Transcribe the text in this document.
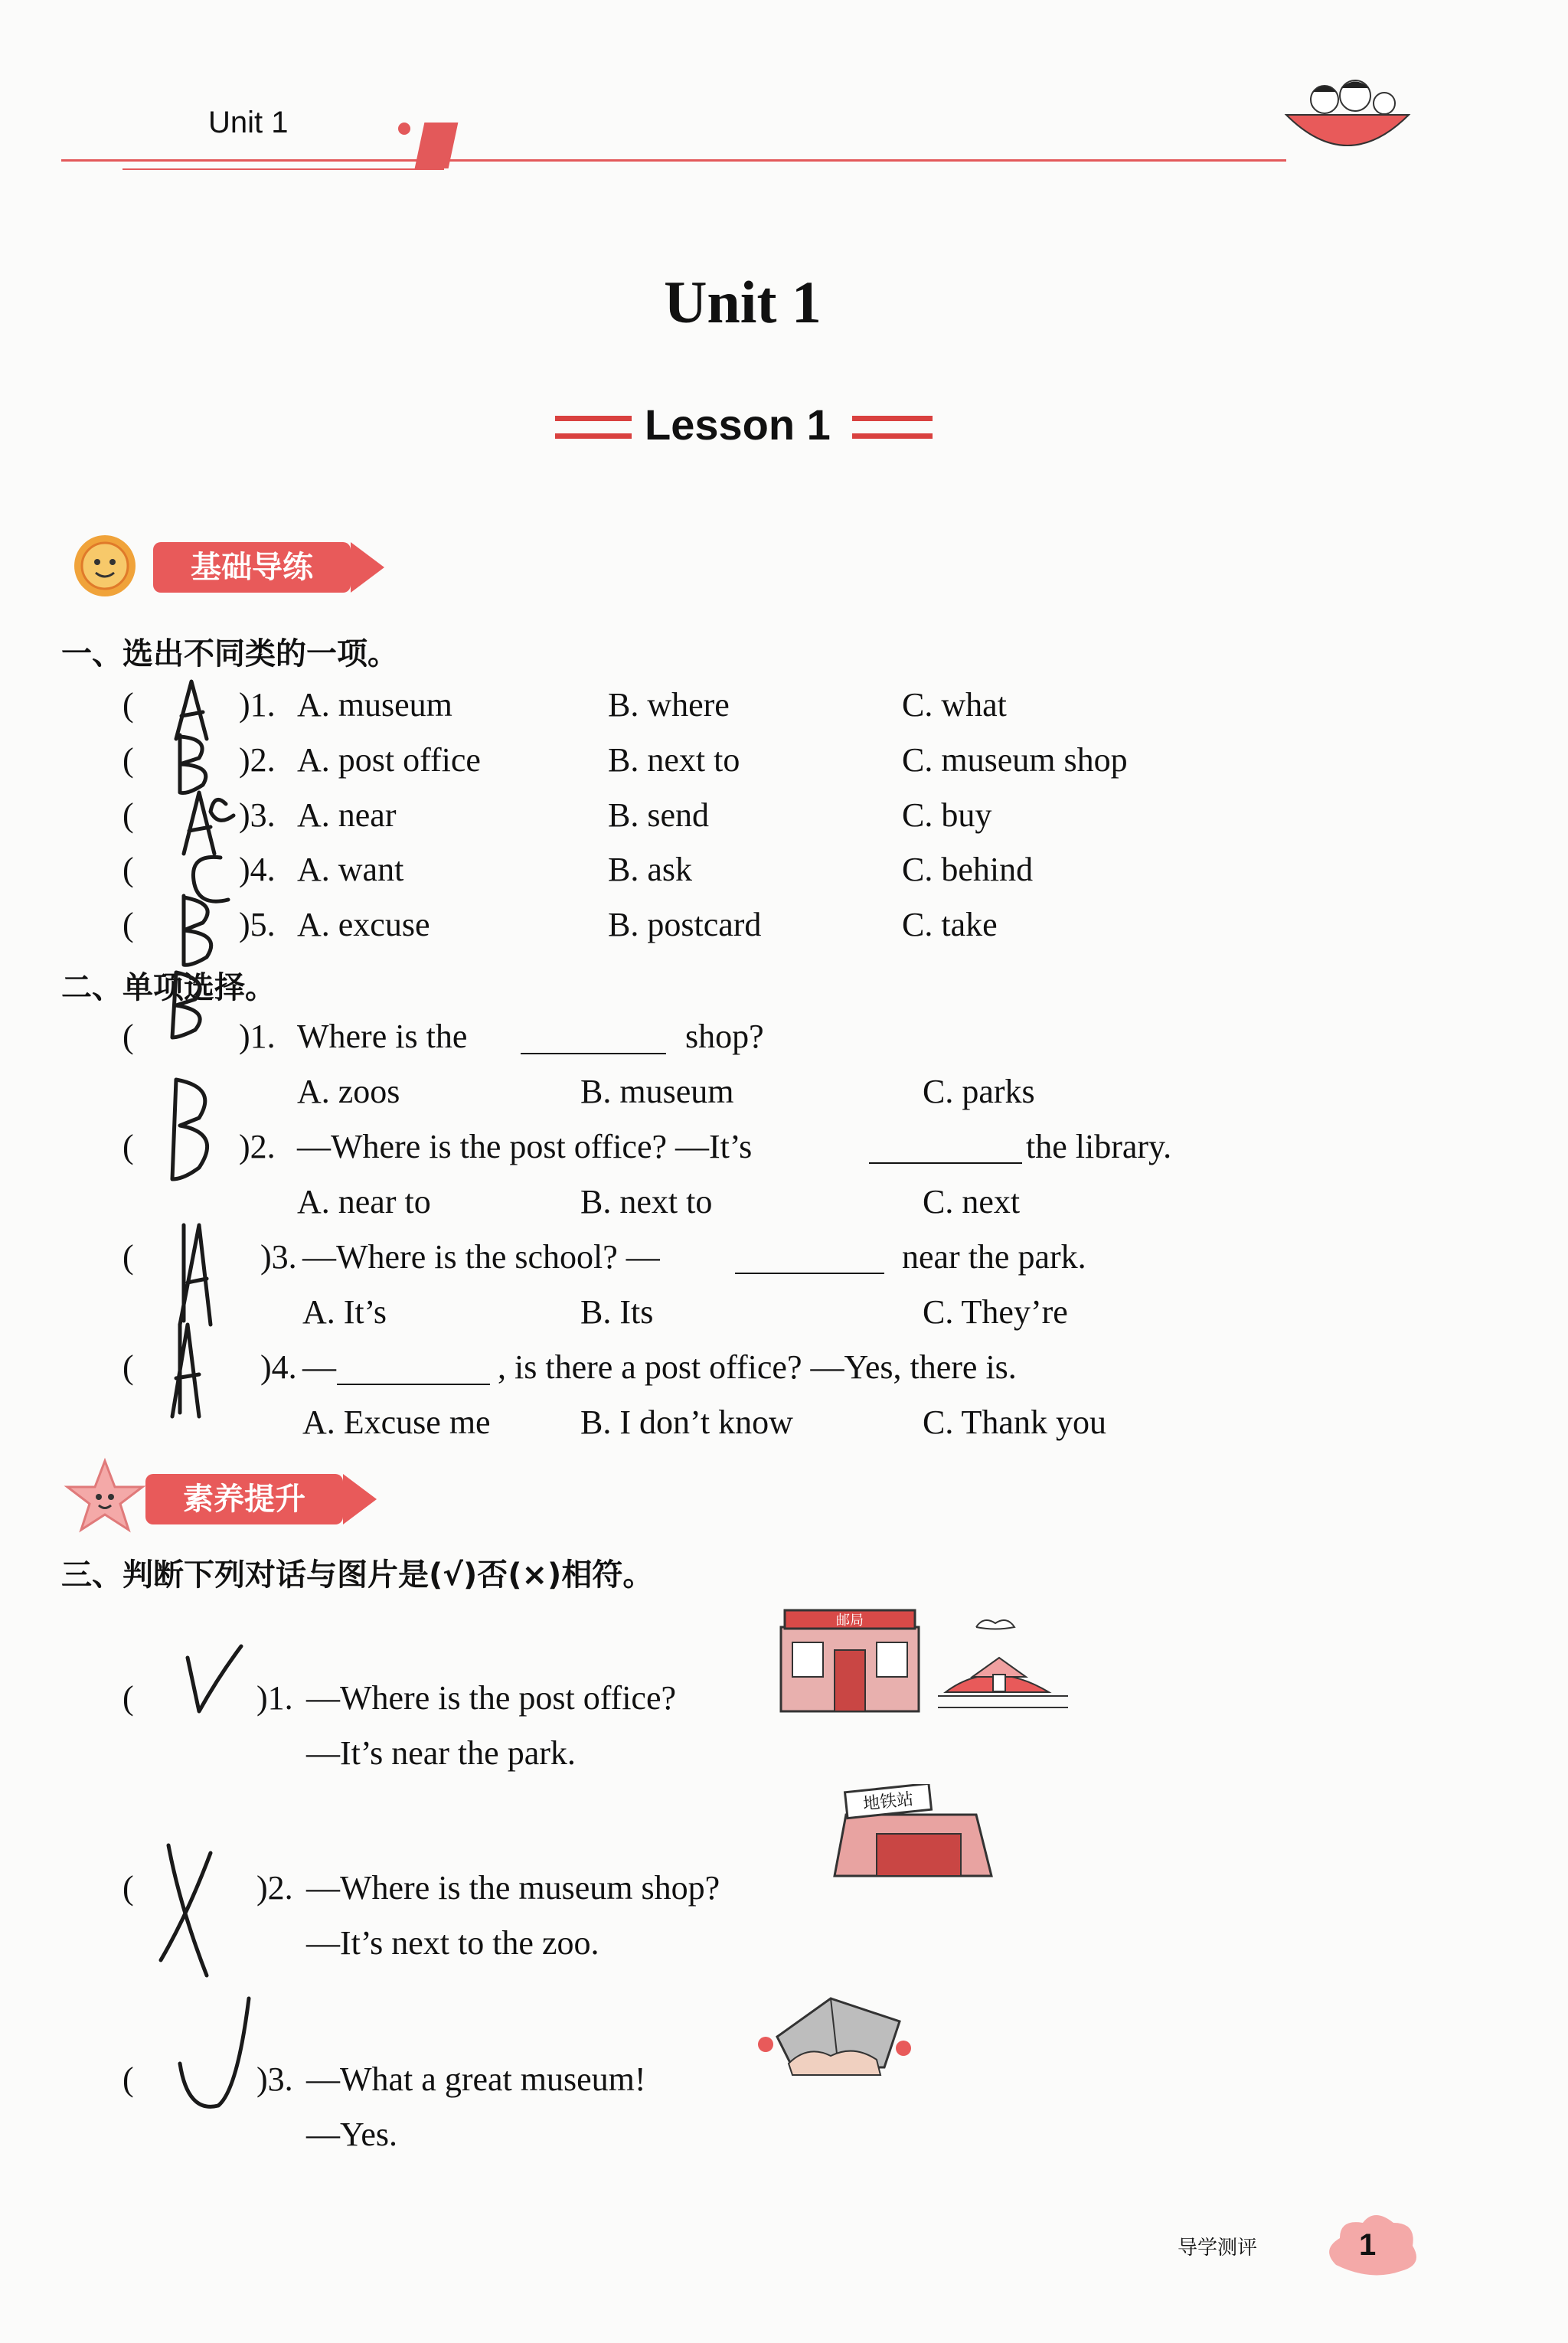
Unit 1
Unit 1
Lesson 1
基础导练
一、选出不同类的一项。
(	)1. A. museum	B. where	C. what
(	)2. A. post office	B. next to	C. museum shop
(	)3. A. near	B. send	C. buy
(	)4. A. want	B. ask	C. behind
(	)5. A. excuse	B. postcard	C. take
二、单项选择。
(	)1. Where is the	shop?
A. zoos	B. museum	C. parks
(	)2. —Where is the post office? —It’s	the library.
A. near to	B. next to	C. next
(	)3. —Where is the school? —	near the park.
A. It’s	B. Its	C. They’re
(	)4. —	, is there a post office? —Yes, there is.
A. Excuse me	B. I don’t know	C. Thank you
素养提升
三、判断下列对话与图片是(√)否(×)相符。
(	)1. —Where is the post office?
—It’s near the park.
(	)2. —Where is the museum shop?
—It’s next to the zoo.
(	)3. —What a great museum!
—Yes.
邮局
地铁站
导学测评	1
